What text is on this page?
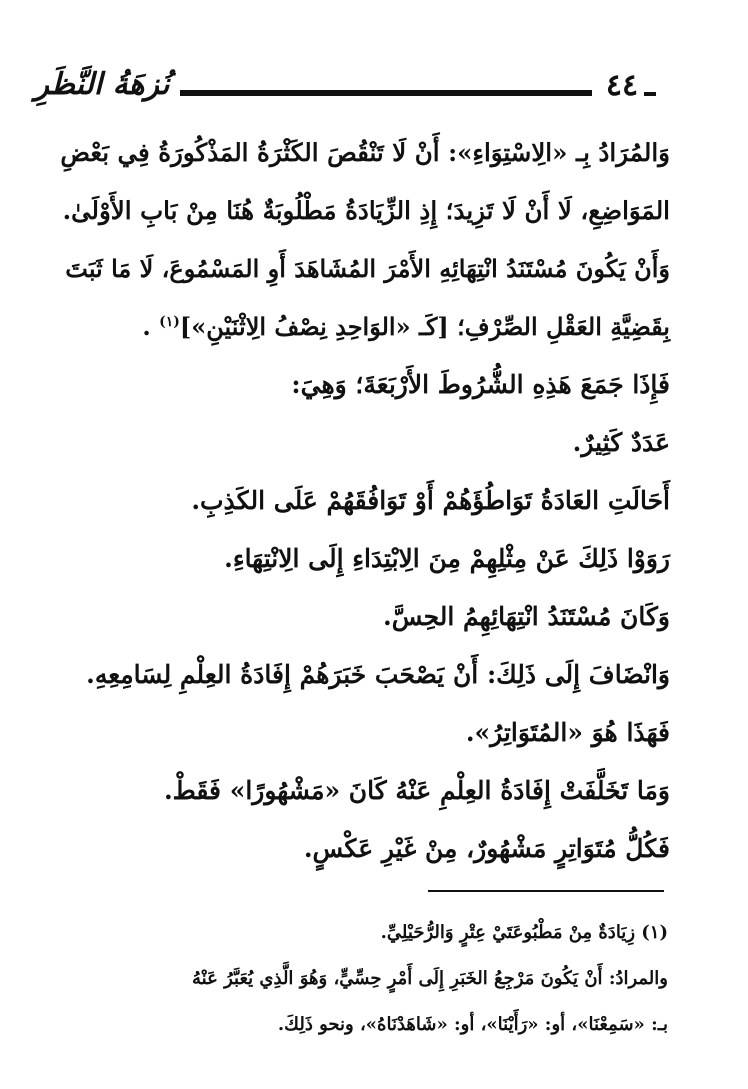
نُزهَةُ النَّظَرِ	٤٤

وَالمُرَادُ بِـ «الِاسْتِوَاءِ»: أَنْ لَا تَنْقُصَ الكَثْرَةُ المَذْكُورَةُ فِي بَعْضِ
المَوَاضِعِ، لَا أَنْ لَا تَزِيدَ؛ إِذِ الزِّيَادَةُ مَطْلُوبَةٌ هُنَا مِنْ بَابِ الأَوْلَىٰ.

وَأَنْ يَكُونَ مُسْتَنَدُ انْتِهَائِهِ الأَمْرَ المُشَاهَدَ أَوِ المَسْمُوعَ، لَا مَا ثَبَتَ
بِقَضِيَّةِ العَقْلِ الصِّرْفِ؛ [كَـ «الوَاحِدِ نِصْفُ الِاثْنَيْنِ»]$^{(١)}$ .

فَإِذَا جَمَعَ هَذِهِ الشُّرُوطَ الأَرْبَعَةَ؛ وَهِيَ:

عَدَدٌ كَثِيرٌ.

أَحَالَتِ العَادَةُ تَوَاطُؤَهُمْ أَوْ تَوَافُقَهُمْ عَلَى الكَذِبِ.

رَوَوْا ذَلِكَ عَنْ مِثْلِهِمْ مِنَ الِابْتِدَاءِ إِلَى الِانْتِهَاءِ.

وَكَانَ مُسْتَنَدُ انْتِهَائِهِمُ الحِسَّ.

وَانْضَافَ إِلَى ذَلِكَ: أَنْ يَصْحَبَ خَبَرَهُمْ إِفَادَةُ العِلْمِ لِسَامِعِهِ.

فَهَذَا هُوَ «المُتَوَاتِرُ».

وَمَا تَخَلَّفَتْ إِفَادَةُ العِلْمِ عَنْهُ كَانَ «مَشْهُورًا» فَقَطْ.

فَكُلُّ مُتَوَاتِرٍ مَشْهُورٌ، مِنْ غَيْرِ عَكْسٍ.

(١) زِيَادَةٌ مِنْ مَطْبُوعَتَيْ عِتْرٍ وَالرُّحَيْلِيِّ.

والمرادُ: أَنْ يَكُونَ مَرْجِعُ الخَبَرِ إِلَى أَمْرٍ حِسِّيٍّ، وَهُوَ الَّذِي يُعَبَّرُ عَنْهُ
بـ: «سَمِعْنَا»، أو: «رَأَيْنَا»، أو: «شَاهَدْنَاهُ»، ونحو ذَلِكَ.
